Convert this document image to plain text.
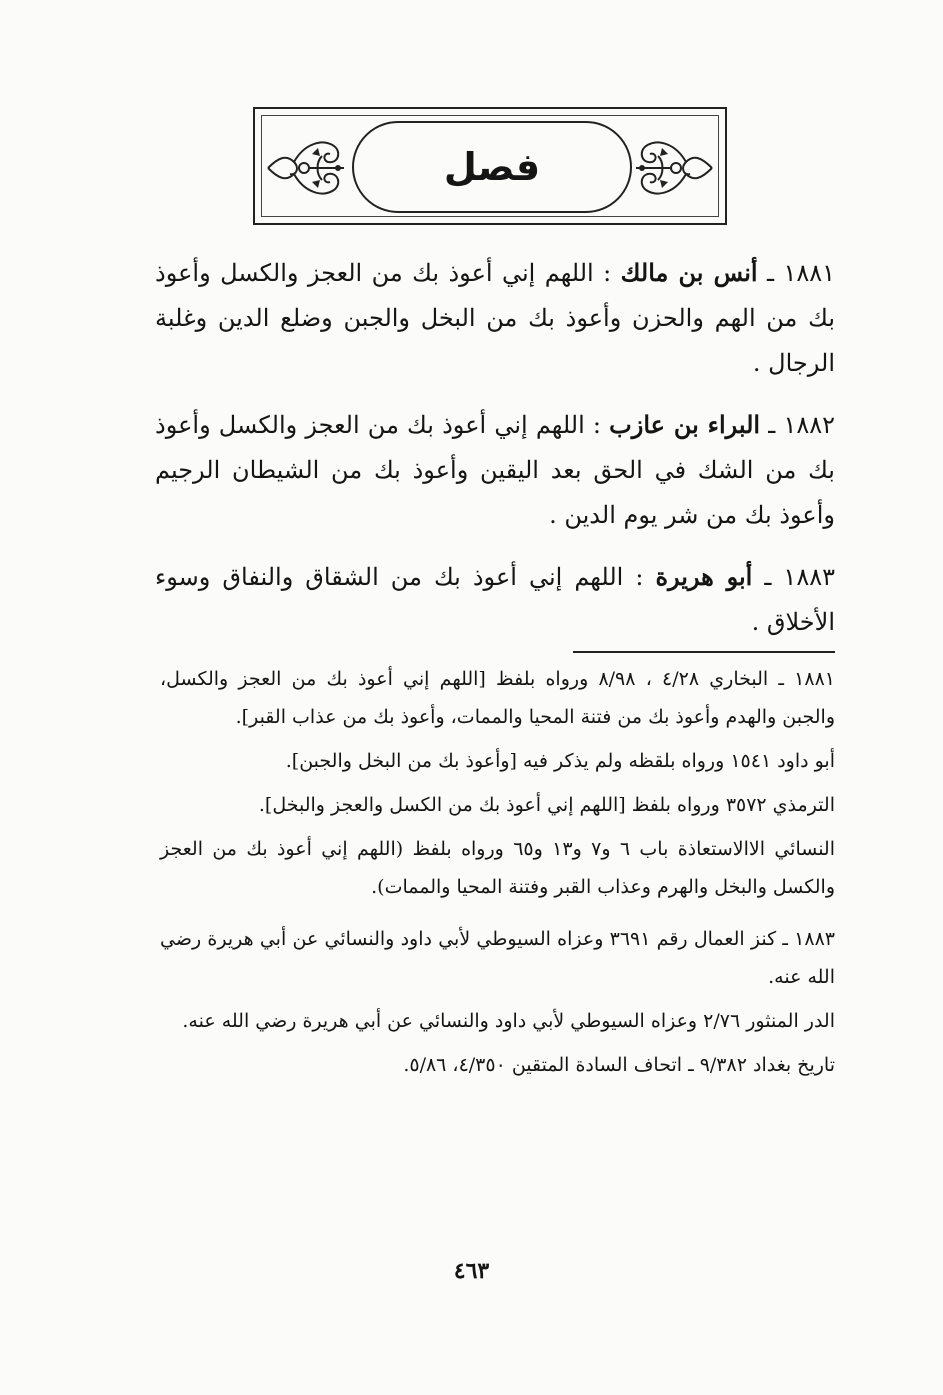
فصل

١٨٨١ ـ أنس بن مالك : اللهم إني أعوذ بك من العجز والكسل وأعوذ بك من الهم والحزن وأعوذ بك من البخل والجبن وضلع الدين وغلبة الرجال .

١٨٨٢ ـ البراء بن عازب : اللهم إني أعوذ بك من العجز والكسل وأعوذ بك من الشك في الحق بعد اليقين وأعوذ بك من الشيطان الرجيم وأعوذ بك من شر يوم الدين .

١٨٨٣ ـ أبو هريرة : اللهم إني أعوذ بك من الشقاق والنفاق وسوء الأخلاق .

١٨٨١ ـ البخاري ٤/٢٨ ، ٨/٩٨ ورواه بلفظ [اللهم إني أعوذ بك من العجز والكسل، والجبن والهدم وأعوذ بك من فتنة المحيا والممات، وأعوذ بك من عذاب القبر].

أبو داود ١٥٤١ ورواه بلقظه ولم يذكر فيه [وأعوذ بك من البخل والجبن].

الترمذي ٣٥٧٢ ورواه بلفظ [اللهم إني أعوذ بك من الكسل والعجز والبخل].

النسائي الاالاستعاذة باب ٦ و٧ و١٣ و٦٥ ورواه بلفظ (اللهم إني أعوذ بك من العجز والكسل والبخل والهرم وعذاب القبر وفتنة المحيا والممات).

١٨٨٣ ـ كنز العمال رقم ٣٦٩١ وعزاه السيوطي لأبي داود والنسائي عن أبي هريرة رضي الله عنه.

الدر المنثور ٢/٧٦ وعزاه السيوطي لأبي داود والنسائي عن أبي هريرة رضي الله عنه.

تاريخ بغداد ٩/٣٨٢ ـ اتحاف السادة المتقين ٤/٣٥٠، ٥/٨٦.

٤٦٣
